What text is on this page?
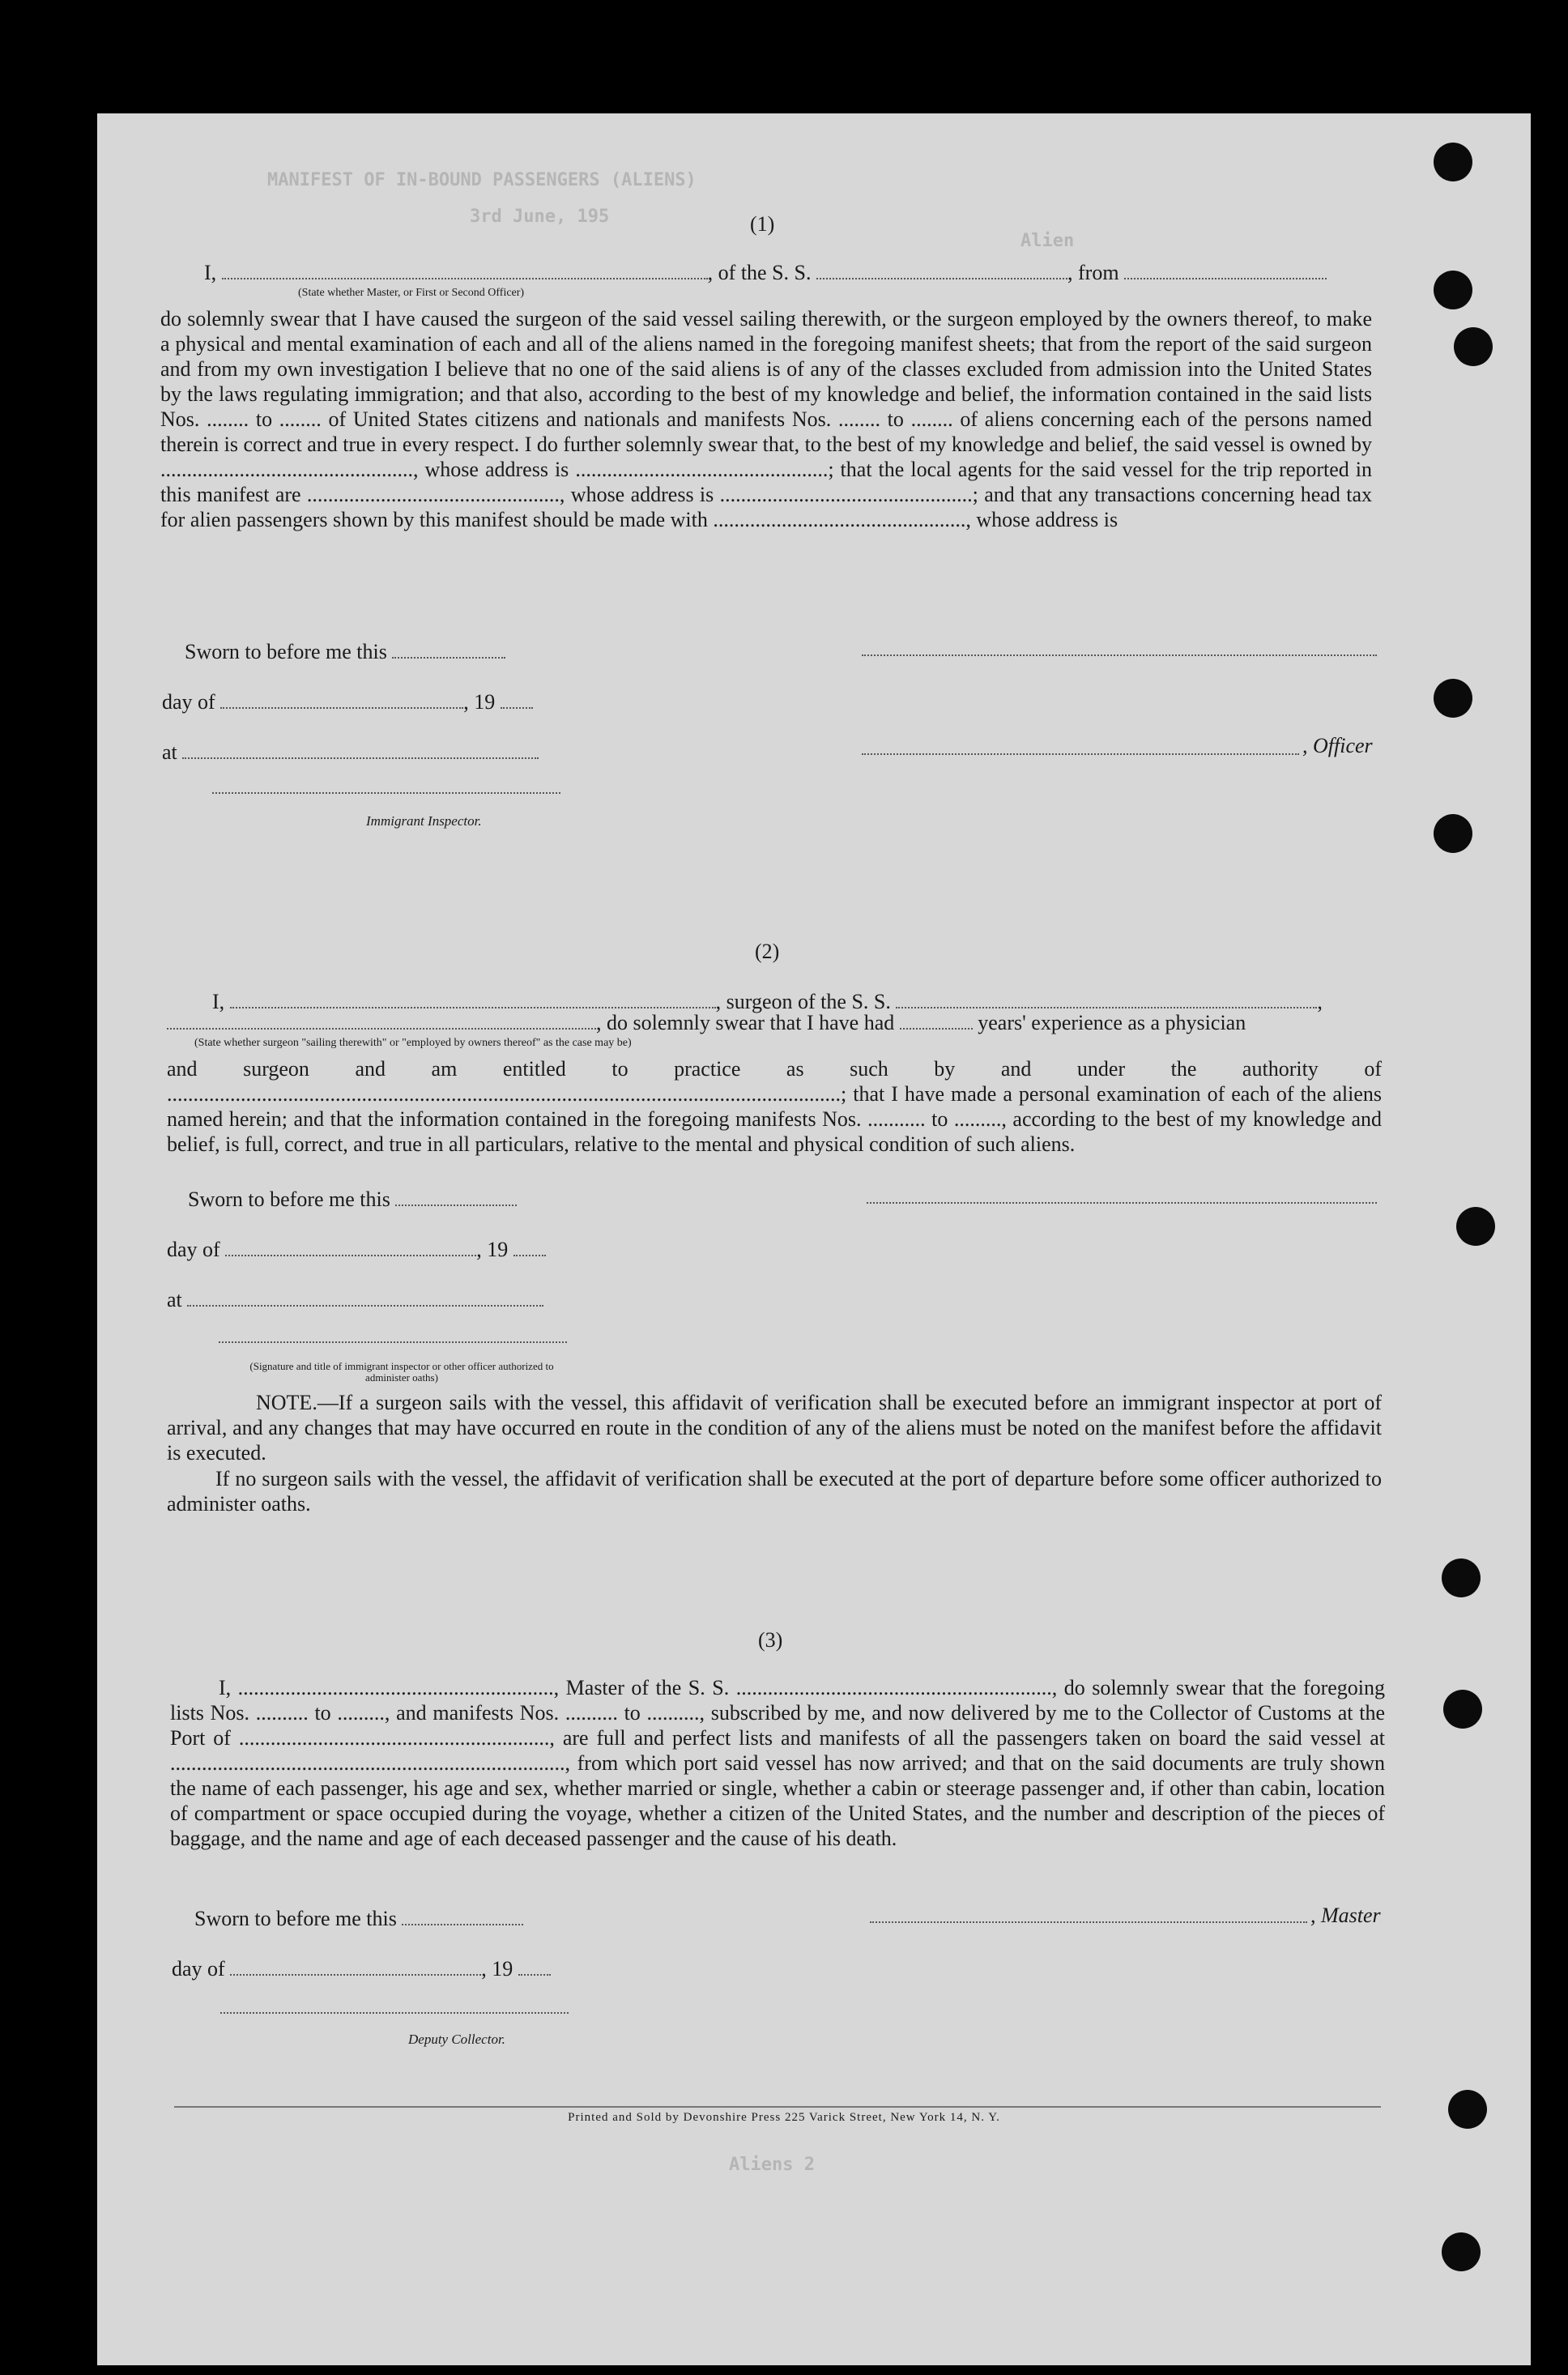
MANIFEST OF IN-BOUND PASSENGERS (ALIENS)
3rd June, 195
Alien
Aliens 2
(1)
I,	, of the S. S.	, from
(State whether Master, or First or Second Officer)
do solemnly swear that I have caused the surgeon of the said vessel sailing therewith, or the surgeon employed by the owners thereof, to make a physical and mental examination of each and all of the aliens named in the foregoing manifest sheets; that from the report of the said surgeon and from my own investigation I believe that no one of the said aliens is of any of the classes excluded from admission into the United States by the laws regulating immigration; and that also, according to the best of my knowledge and belief, the information contained in the said lists Nos. ........ to ........ of United States citizens and nationals and manifests Nos. ........ to ........ of aliens concerning each of the persons named therein is correct and true in every respect. I do further solemnly swear that, to the best of my knowledge and belief, the said vessel is owned by ................................................, whose address is ................................................; that the local agents for the said vessel for the trip reported in this manifest are ................................................, whose address is ................................................; and that any transactions concerning head tax for alien passengers shown by this manifest should be made with ................................................, whose address is
Sworn to before me this
day of	, 19
at	, Officer
Immigrant Inspector.
(2)
I,	, surgeon of the S. S.	,
, do solemnly swear that I have had	years' experience as a physician
(State whether surgeon "sailing therewith" or "employed by owners thereof" as the case may be)
and surgeon and am entitled to practice as such by and under the authority of ................................................................................................................................; that I have made a personal examination of each of the aliens named herein; and that the information contained in the foregoing manifests Nos. ........... to ........., according to the best of my knowledge and belief, is full, correct, and true in all particulars, relative to the mental and physical condition of such aliens.
Sworn to before me this
day of	, 19
at
(Signature and title of immigrant inspector or other officer authorized to administer oaths)
NOTE.—If a surgeon sails with the vessel, this affidavit of verification shall be executed before an immigrant inspector at port of arrival, and any changes that may have occurred en route in the condition of any of the aliens must be noted on the manifest before the affidavit is executed.
If no surgeon sails with the vessel, the affidavit of verification shall be executed at the port of departure before some officer authorized to administer oaths.
(3)
I, ............................................................, Master of the S. S. ............................................................, do solemnly swear that the foregoing lists Nos. .......... to ........., and manifests Nos. .......... to .........., subscribed by me, and now delivered by me to the Collector of Customs at the Port of ..........................................................., are full and perfect lists and manifests of all the passengers taken on board the said vessel at ..........................................................................., from which port said vessel has now arrived; and that on the said documents are truly shown the name of each passenger, his age and sex, whether married or single, whether a cabin or steerage passenger and, if other than cabin, location of compartment or space occupied during the voyage, whether a citizen of the United States, and the number and description of the pieces of baggage, and the name and age of each deceased passenger and the cause of his death.
Sworn to before me this	, Master
day of	, 19
Deputy Collector.
Printed and Sold by Devonshire Press 225 Varick Street, New York 14, N. Y.
